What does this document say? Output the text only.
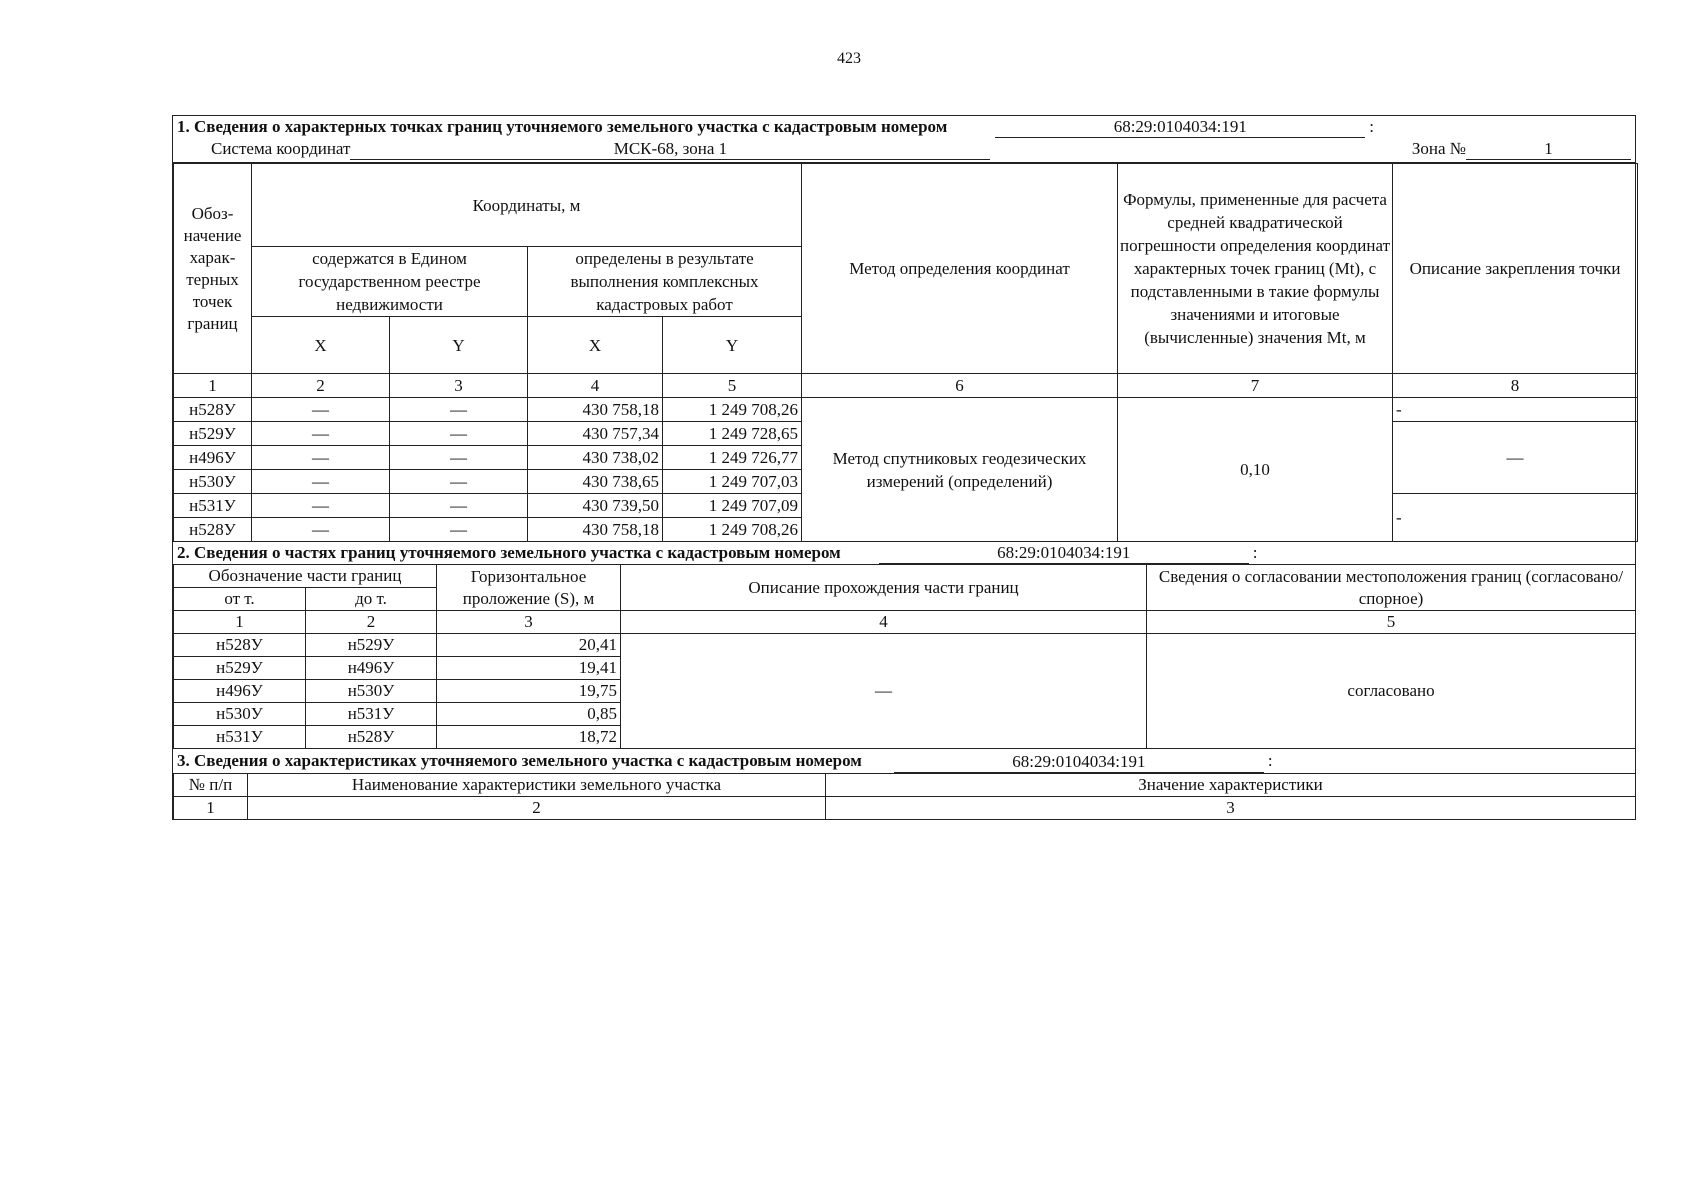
423
1. Сведения о характерных точках границ уточняемого земельного участка с кадастровым номером	68:29:0104034:191	:
Система координат	МСК-68, зона 1	Зона №	1
Обоз-начение харак-терных точек границ	Координаты, м				Метод определения координат	Формулы, примененные для расчета средней квадратической погрешности определения координат характерных точек границ (Mt), с подставленными в такие формулы значениями и итоговые (вычисленные) значения Mt, м	Описание закрепления точки
	содержатся в Едином государственном реестре недвижимости		определены в результате выполнения комплексных кадастровых работ				
	X	Y	X	Y			
1	2	3	4	5	6	7	8
н528У	—	—	430 758,18	1 249 708,26	Метод спутниковых геодезических измерений (определений)	0,10	-
н529У	—	—	430 757,34	1 249 728,65			—
н496У	—	—	430 738,02	1 249 726,77			
н530У	—	—	430 738,65	1 249 707,03			
н531У	—	—	430 739,50	1 249 707,09			-
н528У	—	—	430 758,18	1 249 708,26			
2. Сведения о частях границ уточняемого земельного участка с кадастровым номером	68:29:0104034:191	:
Обозначение части границ		Горизонтальное проложение (S), м	Описание прохождения части границ	Сведения о согласовании местоположения границ (согласовано/спорное)
от т.	до т.			
1	2	3	4	5
н528У	н529У	20,41	—	согласовано
н529У	н496У	19,41		
н496У	н530У	19,75		
н530У	н531У	0,85		
н531У	н528У	18,72		
3. Сведения о характеристиках уточняемого земельного участка с кадастровым номером	68:29:0104034:191	:
№ п/п	Наименование характеристики земельного участка	Значение характеристики
1	2	3
